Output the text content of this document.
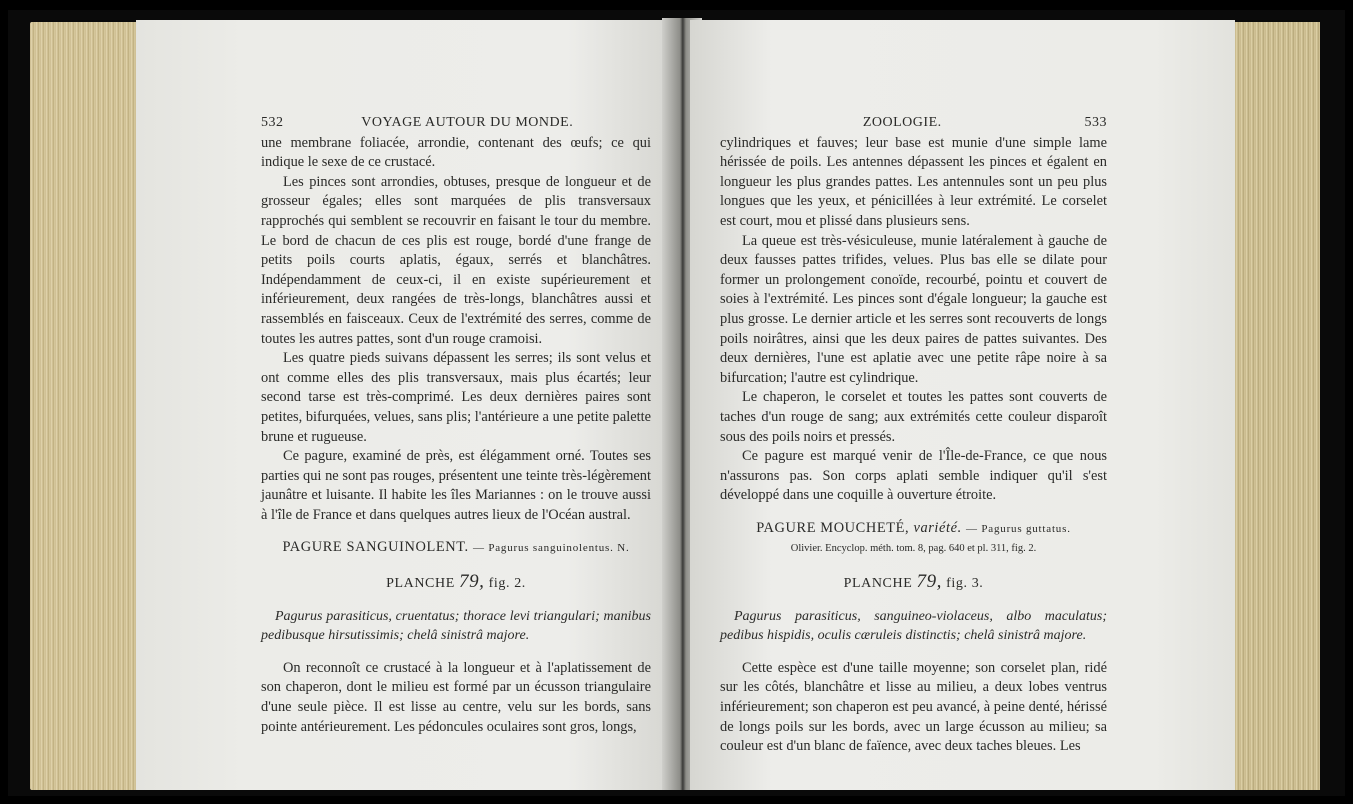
532	VOYAGE AUTOUR DU MONDE.

une membrane foliacée, arrondie, contenant des œufs; ce qui indique le sexe de ce crustacé.

Les pinces sont arrondies, obtuses, presque de longueur et de grosseur égales; elles sont marquées de plis transversaux rapprochés qui semblent se recouvrir en faisant le tour du membre. Le bord de chacun de ces plis est rouge, bordé d'une frange de petits poils courts aplatis, égaux, serrés et blanchâtres. Indépendamment de ceux-ci, il en existe supérieurement et inférieurement, deux rangées de très-longs, blanchâtres aussi et rassemblés en faisceaux. Ceux de l'extrémité des serres, comme de toutes les autres pattes, sont d'un rouge cramoisi.

Les quatre pieds suivans dépassent les serres; ils sont velus et ont comme elles des plis transversaux, mais plus écartés; leur second tarse est très-comprimé. Les deux dernières paires sont petites, bifurquées, velues, sans plis; l'antérieure a une petite palette brune et rugueuse.

Ce pagure, examiné de près, est élégamment orné. Toutes ses parties qui ne sont pas rouges, présentent une teinte très-légèrement jaunâtre et luisante. Il habite les îles Mariannes : on le trouve aussi à l'île de France et dans quelques autres lieux de l'Océan austral.

PAGURE SANGUINOLENT. — Pagurus sanguinolentus. N.

PLANCHE 79, fig. 2.

Pagurus parasiticus, cruentatus; thorace levi triangulari; manibus pedibusque hirsutissimis; chelâ sinistrâ majore.

On reconnoît ce crustacé à la longueur et à l'aplatissement de son chaperon, dont le milieu est formé par un écusson triangulaire d'une seule pièce. Il est lisse au centre, velu sur les bords, sans pointe antérieurement. Les pédoncules oculaires sont gros, longs,

ZOOLOGIE.	533

cylindriques et fauves; leur base est munie d'une simple lame hérissée de poils. Les antennes dépassent les pinces et égalent en longueur les plus grandes pattes. Les antennules sont un peu plus longues que les yeux, et pénicillées à leur extrémité. Le corselet est court, mou et plissé dans plusieurs sens.

La queue est très-vésiculeuse, munie latéralement à gauche de deux fausses pattes trifides, velues. Plus bas elle se dilate pour former un prolongement conoïde, recourbé, pointu et couvert de soies à l'extrémité. Les pinces sont d'égale longueur; la gauche est plus grosse. Le dernier article et les serres sont recouverts de longs poils noirâtres, ainsi que les deux paires de pattes suivantes. Des deux dernières, l'une est aplatie avec une petite râpe noire à sa bifurcation; l'autre est cylindrique.

Le chaperon, le corselet et toutes les pattes sont couverts de taches d'un rouge de sang; aux extrémités cette couleur disparoît sous des poils noirs et pressés.

Ce pagure est marqué venir de l'Île-de-France, ce que nous n'assurons pas. Son corps aplati semble indiquer qu'il s'est développé dans une coquille à ouverture étroite.

PAGURE MOUCHETÉ, variété. — Pagurus guttatus.

Olivier. Encyclop. méth. tom. 8, pag. 640 et pl. 311, fig. 2.

PLANCHE 79, fig. 3.

Pagurus parasiticus, sanguineo-violaceus, albo maculatus; pedibus hispidis, oculis cæruleis distinctis; chelâ sinistrâ majore.

Cette espèce est d'une taille moyenne; son corselet plan, ridé sur les côtés, blanchâtre et lisse au milieu, a deux lobes ventrus inférieurement; son chaperon est peu avancé, à peine denté, hérissé de longs poils sur les bords, avec un large écusson au milieu; sa couleur est d'un blanc de faïence, avec deux taches bleues. Les
